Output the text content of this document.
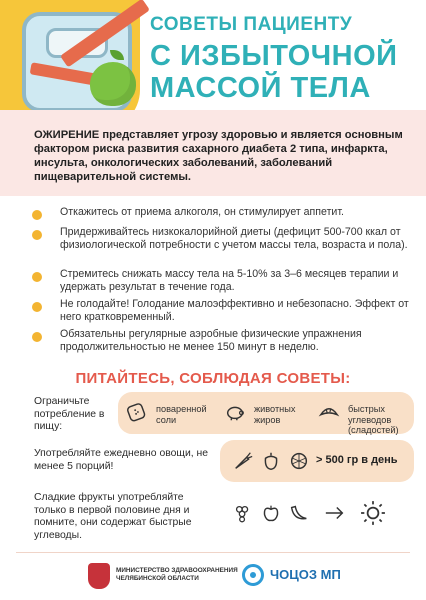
СОВЕТЫ ПАЦИЕНТУ
С ИЗБЫТОЧНОЙ
МАССОЙ ТЕЛА
ОЖИРЕНИЕ представляет угрозу здоровью и является основным фактором риска развития сахарного диабета 2 типа, инфаркта, инсульта, онкологических заболеваний, заболеваний пищеварительной системы.
Откажитесь от приема алкоголя, он стимулирует аппетит.
Придерживайтесь низкокалорийной диеты (дефицит 500-700 ккал от физиологической потребности с учетом массы тела, возраста и пола).
Стремитесь снижать массу тела на 5-10% за 3–6 месяцев терапии и удержать результат в течение года.
Не голодайте! Голодание малоэффективно и небезопасно. Эффект от него кратковременный.
Обязательны регулярные аэробные физические упражнения продолжительностью не менее 150 минут в неделю.
ПИТАЙТЕСЬ, СОБЛЮДАЯ СОВЕТЫ:
Ограничьте потребление в пищу:
поваренной соли
животных жиров
быстрых углеводов (сладостей)
Употребляйте ежедневно овощи, не менее 5 порций!	> 500 гр в день
Сладкие фрукты употребляйте только в первой половине дня и помните, они содержат быстрые углеводы.
МИНИСТЕРСТВО ЗДРАВООХРАНЕНИЯ
ЧЕЛЯБИНСКОЙ ОБЛАСТИ	ЧОЦОЗ МП
